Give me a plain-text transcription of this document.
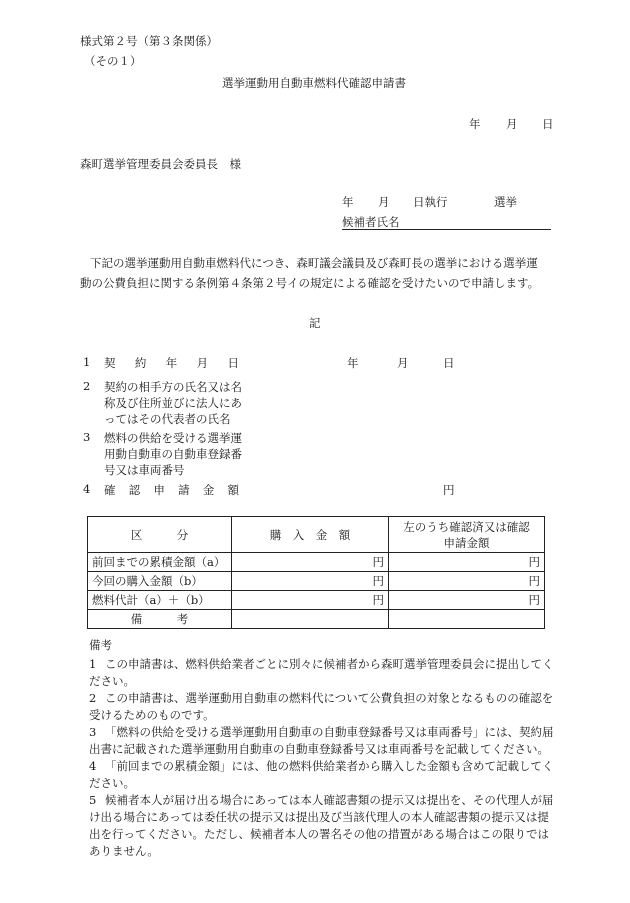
様式第２号（第３条関係）
（その１）
選挙運動用自動車燃料代確認申請書
年 月 日
森町選挙管理委員会委員長　様
年 月 日執行	選挙
候補者氏名
下記の選挙運動用自動車燃料代につき、森町議会議員及び森町長の選挙における選挙運
動の公費負担に関する条例第４条第２号イの規定による確認を受けたいので申請します。
記
1 契約年月日	年	月	日
2 契約の相手方の氏名又は名称及び住所並びに法人にあってはその代表者の氏名
3 燃料の供給を受ける選挙運用動自動車の自動車登録番号又は車両番号
4 確認申請金額	円
区　　　分	購　入　金　額	左のうち確認済又は確認申請金額
前回までの累積金額（a）	円	円
今回の購入金額（b）	円	円
燃料代計（a）＋（b）	円	円
備　　　考		
備考
1 この申請書は、燃料供給業者ごとに別々に候補者から森町選挙管理委員会に提出してください。
2 この申請書は、選挙運動用自動車の燃料代について公費負担の対象となるものの確認を受けるためのものです。
3 「燃料の供給を受ける選挙運動用自動車の自動車登録番号又は車両番号」には、契約届出書に記載された選挙運動用自動車の自動車登録番号又は車両番号を記載してください。
4 「前回までの累積金額」には、他の燃料供給業者から購入した金額も含めて記載してください。
5 候補者本人が届け出る場合にあっては本人確認書類の提示又は提出を、その代理人が届け出る場合にあっては委任状の提示又は提出及び当該代理人の本人確認書類の提示又は提出を行ってください。ただし、候補者本人の署名その他の措置がある場合はこの限りではありません。
